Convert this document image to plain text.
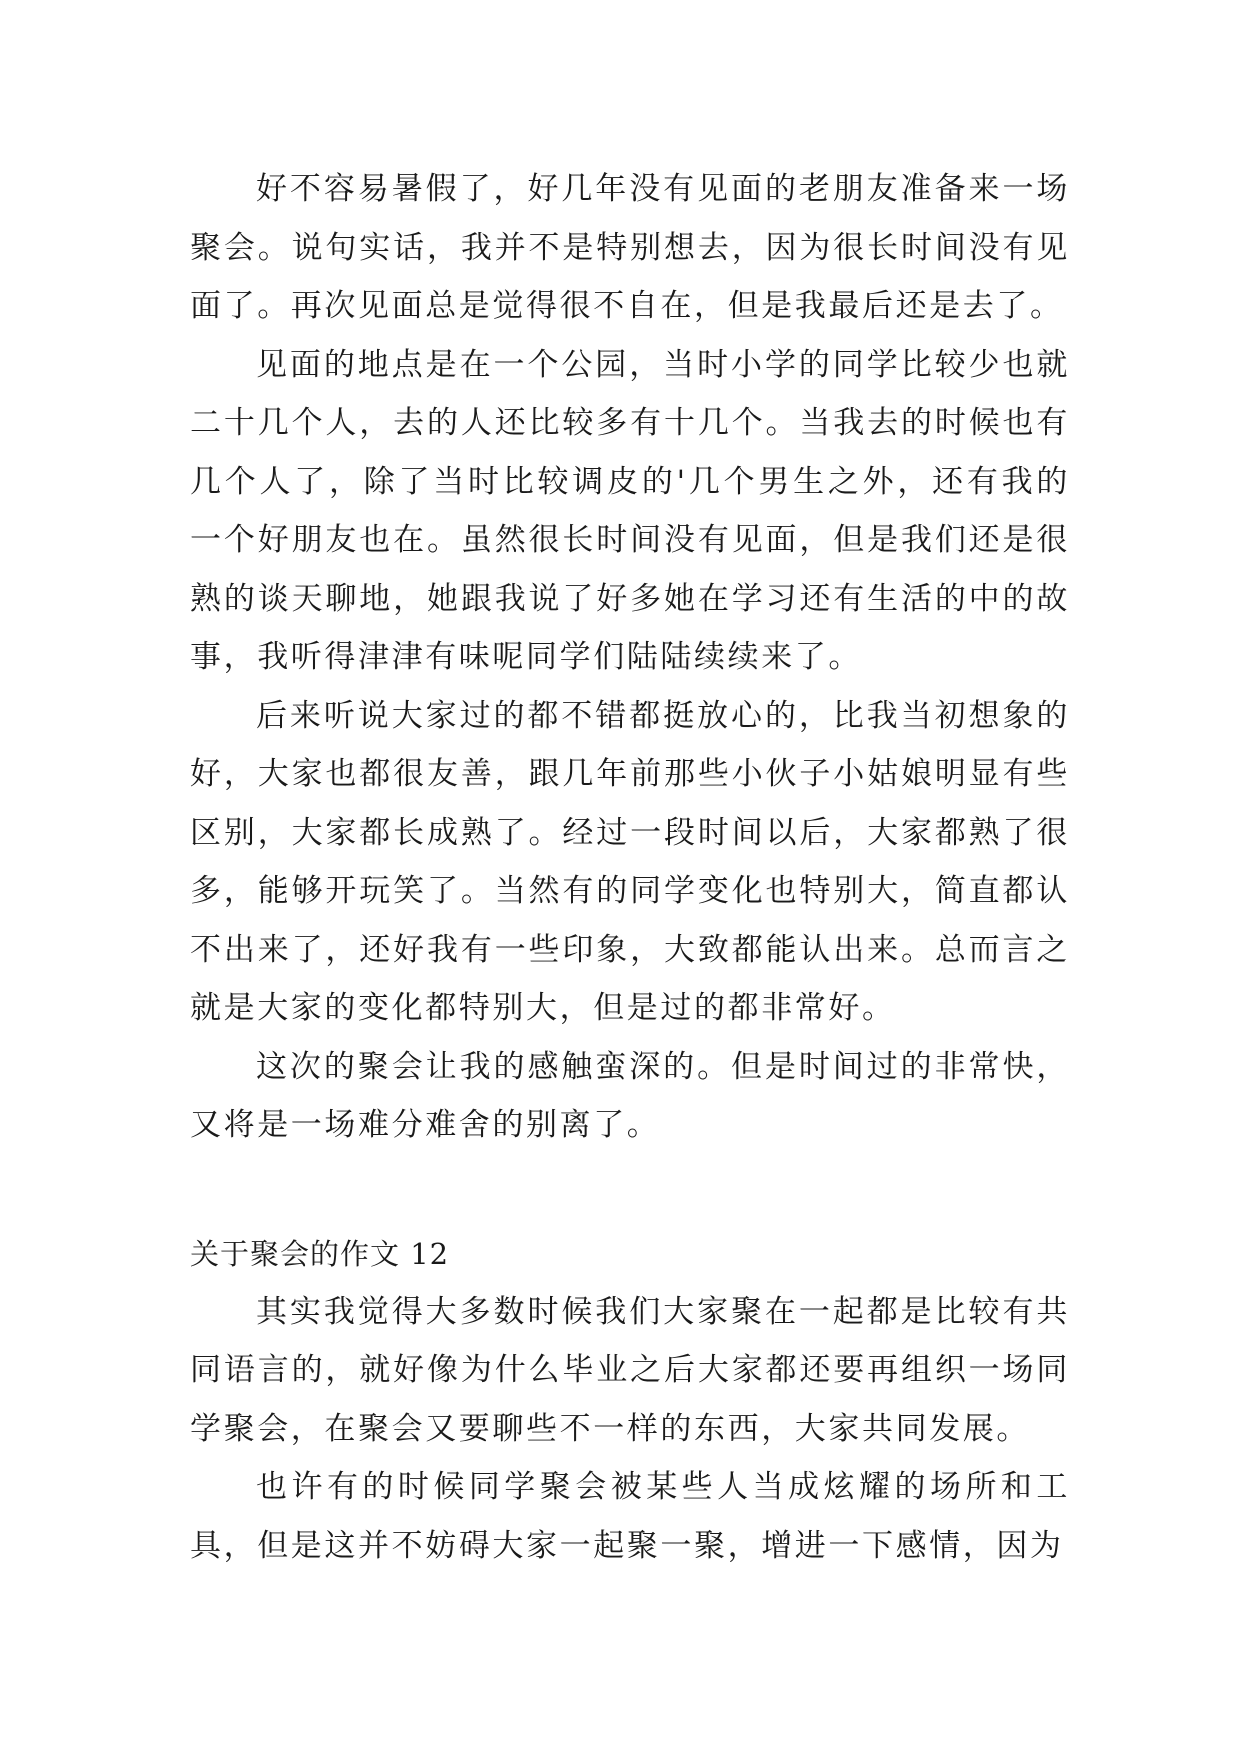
好不容易暑假了，好几年没有见面的老朋友准备来一场聚会。说句实话，我并不是特别想去，因为很长时间没有见面了。再次见面总是觉得很不自在，但是我最后还是去了。

见面的地点是在一个公园，当时小学的同学比较少也就二十几个人，去的人还比较多有十几个。当我去的时候也有几个人了，除了当时比较调皮的'几个男生之外，还有我的一个好朋友也在。虽然很长时间没有见面，但是我们还是很熟的谈天聊地，她跟我说了好多她在学习还有生活的中的故事，我听得津津有味呢同学们陆陆续续来了。

后来听说大家过的都不错都挺放心的，比我当初想象的好，大家也都很友善，跟几年前那些小伙子小姑娘明显有些区别，大家都长成熟了。经过一段时间以后，大家都熟了很多，能够开玩笑了。当然有的同学变化也特别大，简直都认不出来了，还好我有一些印象，大致都能认出来。总而言之就是大家的变化都特别大，但是过的都非常好。

这次的聚会让我的感触蛮深的。但是时间过的非常快，又将是一场难分难舍的别离了。

关于聚会的作文 12

其实我觉得大多数时候我们大家聚在一起都是比较有共同语言的，就好像为什么毕业之后大家都还要再组织一场同学聚会，在聚会又要聊些不一样的东西，大家共同发展。

也许有的时候同学聚会被某些人当成炫耀的场所和工具，但是这并不妨碍大家一起聚一聚，增进一下感情，因为
